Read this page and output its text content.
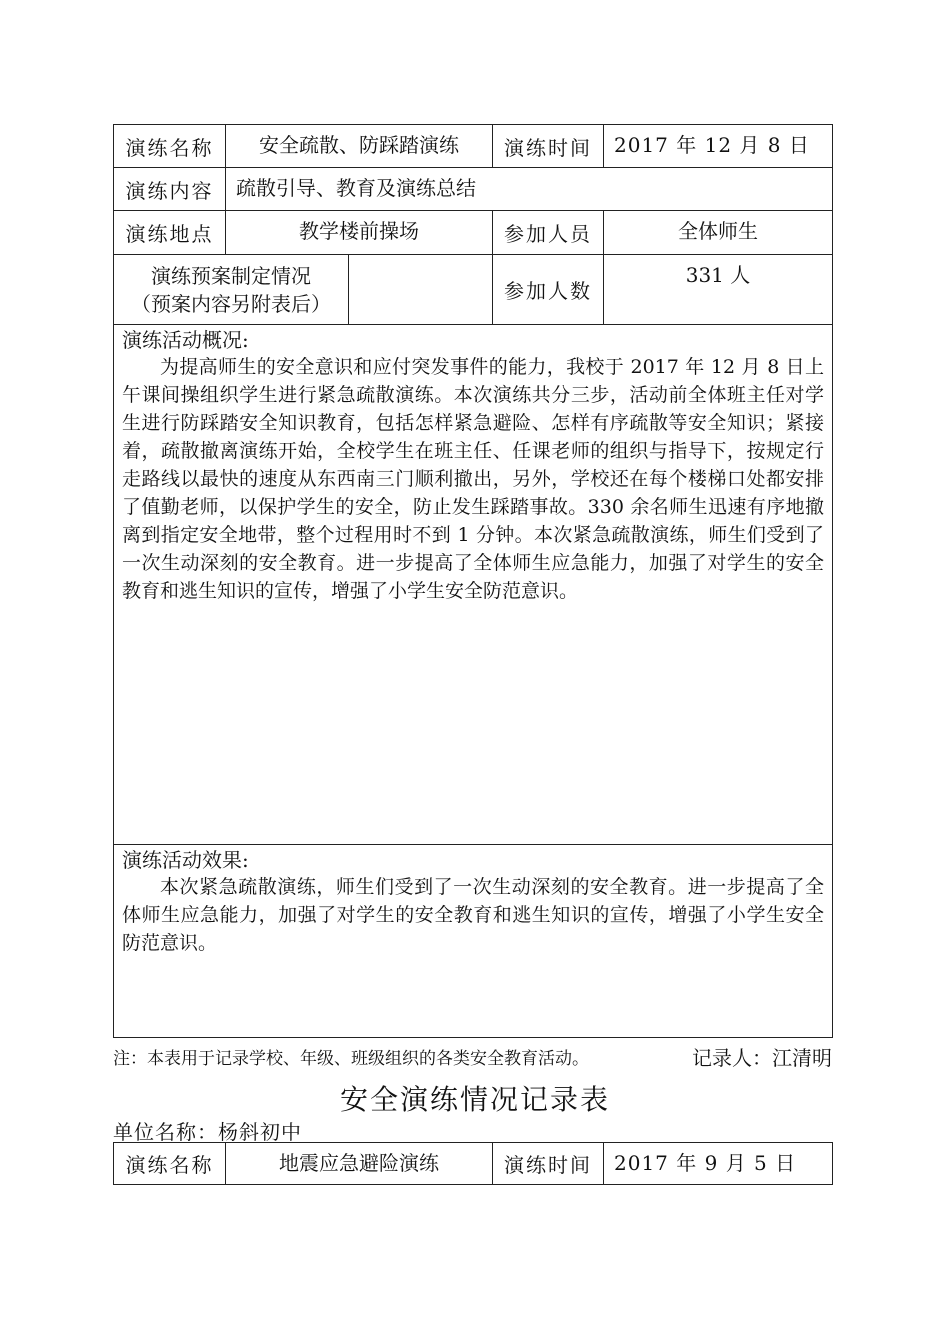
演练名称	安全疏散、防踩踏演练		演练时间	2017 年 12 月 8 日
演练内容	疏散引导、教育及演练总结			
演练地点	教学楼前操场		参加人员	全体师生

演练预案制定情况
（预案内容另附表后）			参加人数	331 人

演练活动概况:

为提高师生的安全意识和应付突发事件的能力，我校于 2017 年 12 月 8 日上午课间操组织学生进行紧急疏散演练。本次演练共分三步，活动前全体班主任对学生进行防踩踏安全知识教育，包括怎样紧急避险、怎样有序疏散等安全知识；紧接着，疏散撤离演练开始，全校学生在班主任、任课老师的组织与指导下，按规定行走路线以最快的速度从东西南三门顺利撤出，另外，学校还在每个楼梯口处都安排了值勤老师，以保护学生的安全，防止发生踩踏事故。330 余名师生迅速有序地撤离到指定安全地带，整个过程用时不到 1 分钟。本次紧急疏散演练，师生们受到了一次生动深刻的安全教育。进一步提高了全体师生应急能力，加强了对学生的安全教育和逃生知识的宣传，增强了小学生安全防范意识。				

演练活动效果:

本次紧急疏散演练，师生们受到了一次生动深刻的安全教育。进一步提高了全体师生应急能力，加强了对学生的安全教育和逃生知识的宣传，增强了小学生安全防范意识。				

注：本表用于记录学校、年级、班级组织的各类安全教育活动。	记录人：江清明
安全演练情况记录表
单位名称：杨斜初中
演练名称	地震应急避险演练	演练时间	2017 年 9 月 5 日
